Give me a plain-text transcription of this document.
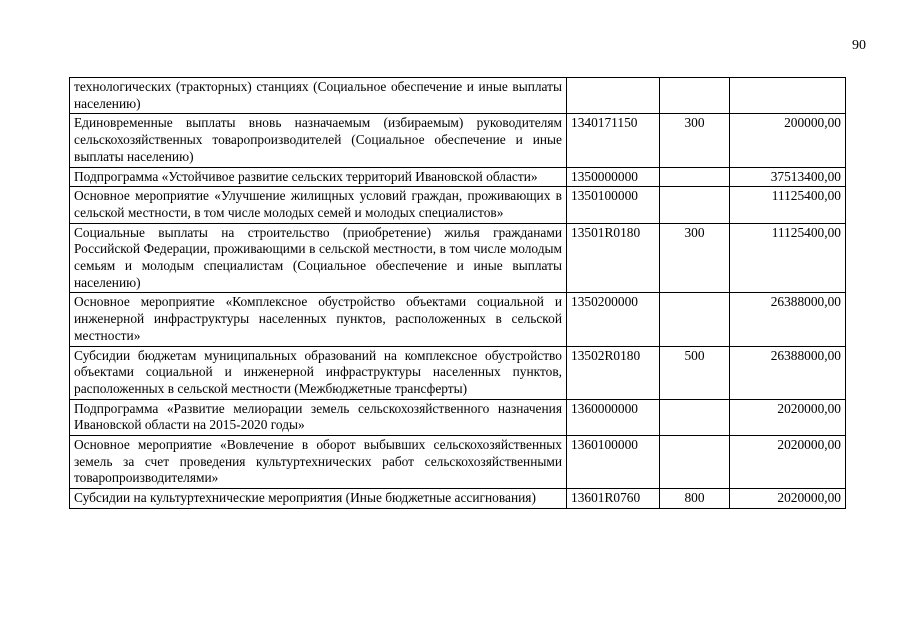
90
технологических (тракторных) станциях (Социальное обеспечение и иные выплаты населению)			
Единовременные выплаты вновь назначаемым (избираемым) руководителям сельскохозяйственных товаропроизводителей (Социальное обеспечение и иные выплаты населению)	1340171150	300	200000,00
Подпрограмма «Устойчивое развитие сельских территорий Ивановской области»	1350000000		37513400,00
Основное мероприятие «Улучшение жилищных условий граждан, проживающих в сельской местности, в том числе молодых семей и молодых специалистов»	1350100000		11125400,00
Социальные выплаты на строительство (приобретение) жилья гражданами Российской Федерации, проживающими в сельской местности, в том числе молодым семьям и молодым специалистам (Социальное обеспечение и иные выплаты населению)	13501R0180	300	11125400,00
Основное мероприятие «Комплексное обустройство объектами социальной и инженерной инфраструктуры населенных пунктов, расположенных в сельской местности»	1350200000		26388000,00
Субсидии бюджетам муниципальных образований на комплексное обустройство объектами социальной и инженерной инфраструктуры населенных пунктов, расположенных в сельской местности (Межбюджетные трансферты)	13502R0180	500	26388000,00
Подпрограмма «Развитие мелиорации земель сельскохозяйственного назначения Ивановской области на 2015-2020 годы»	1360000000		2020000,00
Основное мероприятие «Вовлечение в оборот выбывших сельскохозяйственных земель за счет проведения культуртехнических работ сельскохозяйственными товаропроизводителями»	1360100000		2020000,00
Субсидии на культуртехнические мероприятия (Иные бюджетные ассигнования)	13601R0760	800	2020000,00
